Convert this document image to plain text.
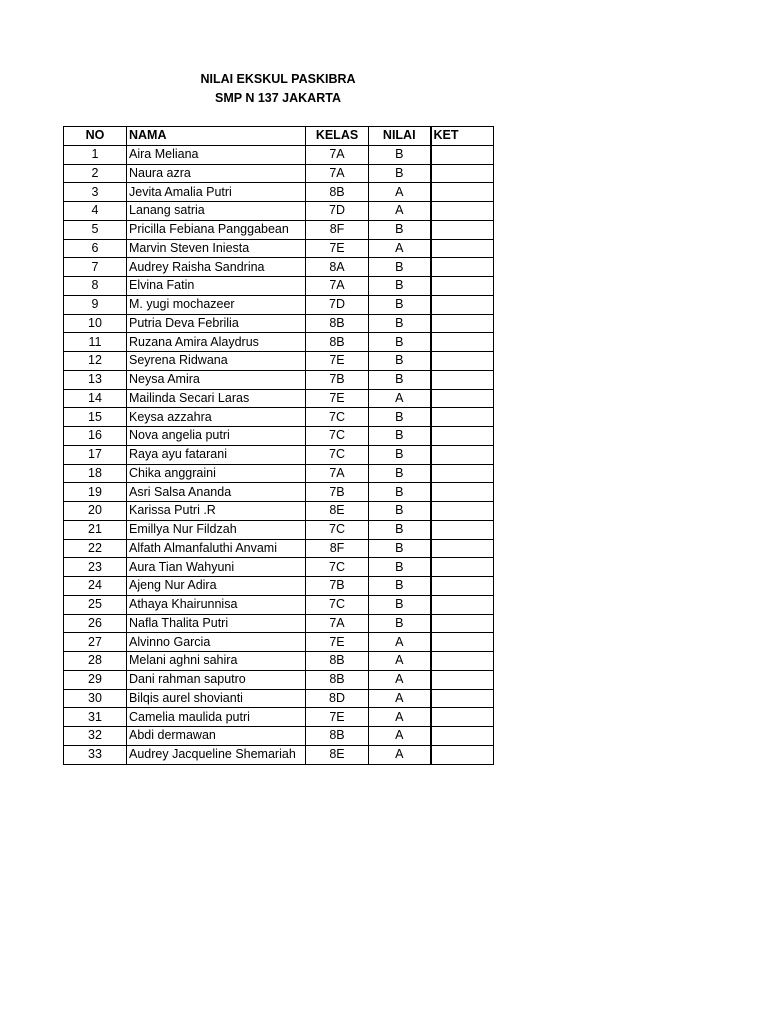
NILAI EKSKUL PASKIBRA
SMP N 137 JAKARTA
NO	NAMA	KELAS	NILAI	KET
1	Aira Meliana	7A	B	
2	Naura azra	7A	B	
3	Jevita Amalia Putri	8B	A	
4	Lanang satria	7D	A	
5	Pricilla Febiana Panggabean	8F	B	
6	Marvin Steven Iniesta	7E	A	
7	Audrey Raisha Sandrina	8A	B	
8	Elvina Fatin	7A	B	
9	M. yugi mochazeer	7D	B	
10	Putria Deva Febrilia	8B	B	
11	Ruzana Amira Alaydrus	8B	B	
12	Seyrena Ridwana	7E	B	
13	Neysa Amira	7B	B	
14	Mailinda Secari Laras	7E	A	
15	Keysa azzahra	7C	B	
16	Nova angelia putri	7C	B	
17	Raya ayu fatarani	7C	B	
18	Chika anggraini	7A	B	
19	Asri Salsa Ananda	7B	B	
20	Karissa Putri .R	8E	B	
21	Emillya Nur Fildzah	7C	B	
22	Alfath Almanfaluthi Anvami	8F	B	
23	Aura Tian Wahyuni	7C	B	
24	Ajeng Nur Adira	7B	B	
25	Athaya Khairunnisa	7C	B	
26	Nafla Thalita Putri	7A	B	
27	Alvinno Garcia	7E	A	
28	Melani aghni sahira	8B	A	
29	Dani rahman saputro	8B	A	
30	Bilqis aurel shovianti	8D	A	
31	Camelia maulida putri	7E	A	
32	Abdi dermawan	8B	A	
33	Audrey Jacqueline Shemariah	8E	A	
